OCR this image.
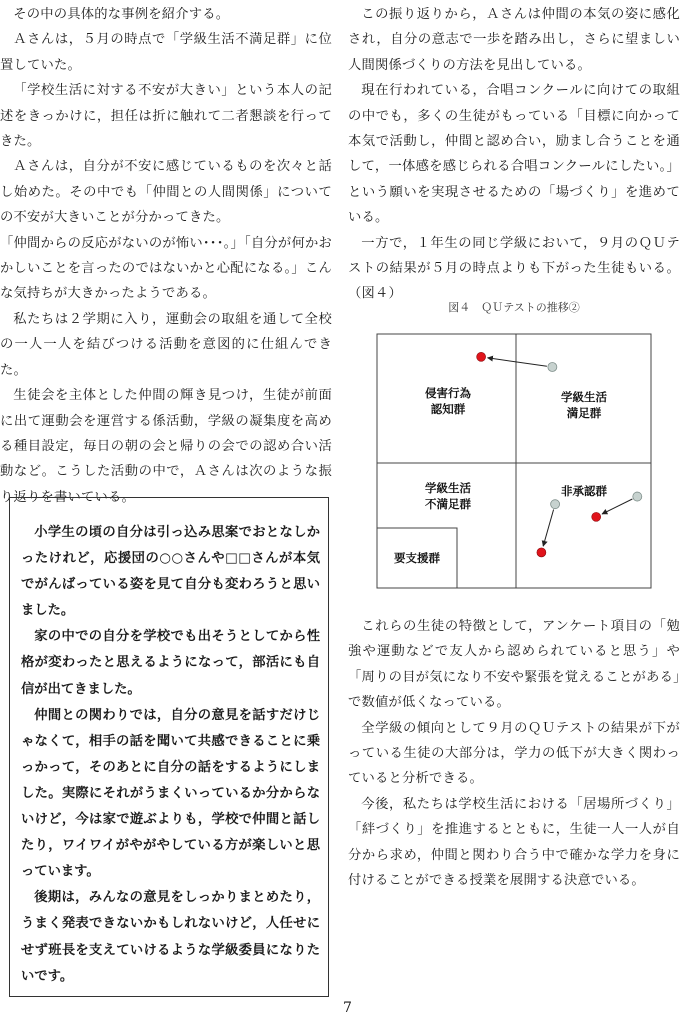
その中の具体的な事例を紹介する。

Ａさんは，５月の時点で「学級生活不満足群」に位置していた。

「学校生活に対する不安が大きい」という本人の記述をきっかけに，担任は折に触れて二者懇談を行ってきた。

Ａさんは，自分が不安に感じているものを次々と話し始めた。その中でも「仲間との人間関係」についての不安が大きいことが分かってきた。

「仲間からの反応がないのが怖い･･･。」「自分が何かおかしいことを言ったのではないかと心配になる。」こんな気持ちが大きかったようである。

私たちは２学期に入り，運動会の取組を通して全校の一人一人を結びつける活動を意図的に仕組んできた。

生徒会を主体とした仲間の輝き見つけ，生徒が前面に出て運動会を運営する係活動，学級の凝集度を高める種目設定，毎日の朝の会と帰りの会での認め合い活動など。こうした活動の中で，Ａさんは次のような振り返りを書いている。

小学生の頃の自分は引っ込み思案でおとなしかったけれど，応援団の○○さんや□□さんが本気でがんばっている姿を見て自分も変わろうと思いました。

家の中での自分を学校でも出そうとしてから性格が変わったと思えるようになって，部活にも自信が出てきました。

仲間との関わりでは，自分の意見を話すだけじゃなくて，相手の話を聞いて共感できることに乗っかって，そのあとに自分の話をするようにしました。実際にそれがうまくいっているか分からないけど，今は家で遊ぶよりも，学校で仲間と話したり，ワイワイがやがやしている方が楽しいと思っています。

後期は，みんなの意見をしっかりまとめたり，うまく発表できないかもしれないけど，人任せにせず班長を支えていけるような学級委員になりたいです。

この振り返りから，Ａさんは仲間の本気の姿に感化され，自分の意志で一歩を踏み出し，さらに望ましい人間関係づくりの方法を見出している。

現在行われている，合唱コンクールに向けての取組の中でも，多くの生徒がもっている「目標に向かって本気で活動し，仲間と認め合い，励まし合うことを通して，一体感を感じられる合唱コンクールにしたい。」という願いを実現させるための「場づくり」を進めている。

一方で，１年生の同じ学級において，９月のＱＵテストの結果が５月の時点よりも下がった生徒もいる。（図４）

図４　ＱＵテストの推移②

侵害行為
認知群
学級生活
満足群
学級生活
不満足群
非承認群
要支援群

これらの生徒の特徴として，アンケート項目の「勉強や運動などで友人から認められていると思う」や「周りの目が気になり不安や緊張を覚えることがある」で数値が低くなっている。

全学級の傾向として９月のＱＵテストの結果が下がっている生徒の大部分は，学力の低下が大きく関わっていると分析できる。

今後，私たちは学校生活における「居場所づくり」「絆づくり」を推進するとともに，生徒一人一人が自分から求め，仲間と関わり合う中で確かな学力を身に付けることができる授業を展開する決意でいる。

7
